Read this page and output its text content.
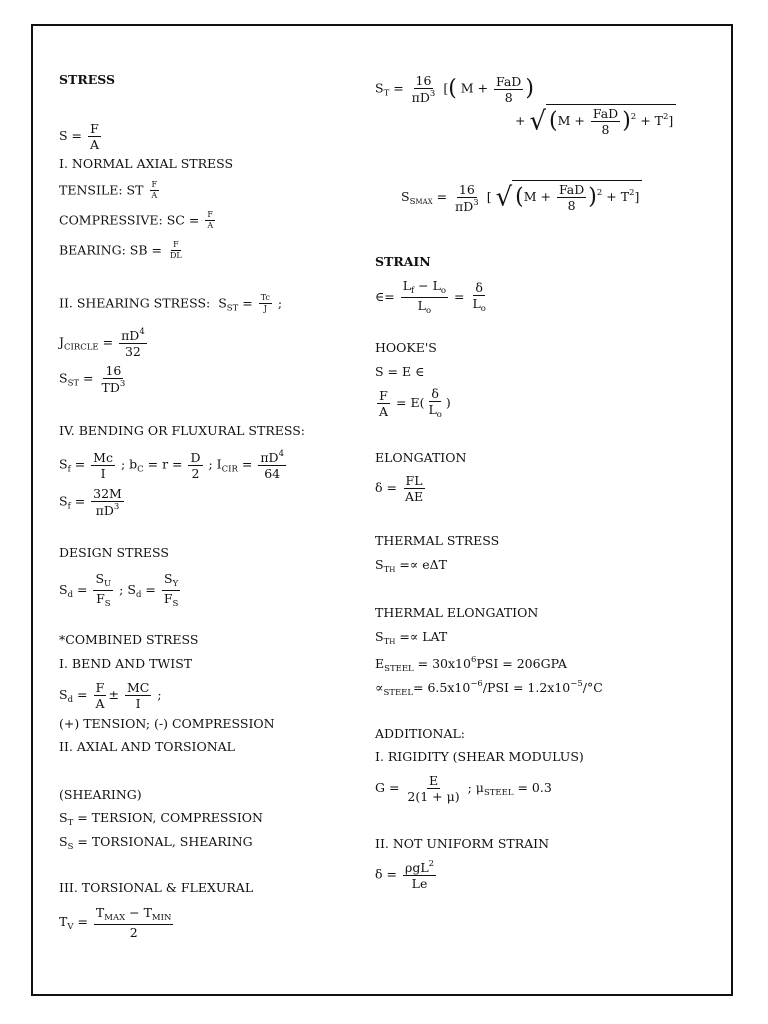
STRESS
$S = \frac{F}{A}$
I. NORMAL AXIAL STRESS
TENSILE: ST $\frac{F}{A}$
COMPRESSIVE: SC = $\frac{F}{A}$
BEARING: SB = $\frac{F}{DL}$
II. SHEARING STRESS: $S_{ST} = \frac{Tc}{J}$ ;
$J_{CIRCLE} = \frac{\pi D^4}{32}$
$S_{ST} = \frac{16}{TD^3}$
IV. BENDING OR FLUXURAL STRESS:
$S_f = \frac{Mc}{I}$ ; $b_C = r = \frac{D}{2}$ ; $I_{CIR} = \frac{\pi D^4}{64}$
$S_f = \frac{32M}{\pi D^3}$
DESIGN STRESS
$S_d = \frac{S_U}{F_S}$ ; $S_d = \frac{S_Y}{F_S}$
*COMBINED STRESS
I. BEND AND TWIST
$S_d = \frac{F}{A} \pm \frac{MC}{I}$ ;
(+) TENSION; (-) COMPRESSION
II. AXIAL AND TORSIONAL
(SHEARING)
$S_T$ = TERSION, COMPRESSION
$S_S$ = TORSIONAL, SHEARING
III. TORSIONAL & FLEXURAL
$T_V = \frac{T_{MAX} - T_{MIN}}{2}$
$S_T = \frac{16}{\pi D^3}$ [( $M + \frac{\text{FaD}}{8}$ )
+ √ $(M + \frac{\text{FaD}}{8} )^2 + T^2$]
$S_{SMAX} = \frac{16}{\pi D^3}$ [ √ $(M + \frac{\text{FaD}}{8} )^2 + T^2$]
STRAIN
∈= $\frac{L_f - L_o}{L_o} = \frac{\delta}{L_o}$
HOOKE'S
S = E ∈
$\frac{F}{A} = E( \frac{\delta}{L_o}$ )
ELONGATION
$\delta = \frac{FL}{AE}$
THERMAL STRESS
$S_{TH} =\propto e\Delta T$
THERMAL ELONGATION
$S_{TH}$ =∝ LAT
$E_{STEEL} = 30x10^6PSI = 206GPA$
$\propto_{STEEL}= 6.5x10^{-6}/PSI = 1.2x10^{-5}/^\circ C$
ADDITIONAL:
I. RIGIDITY (SHEAR MODULUS)
$G = \frac{E}{2(1 + \mu)}$ ; $\mu_{STEEL} = 0.3$
II. NOT UNIFORM STRAIN
$\delta = \frac{\rho gL^2}{Le}$
